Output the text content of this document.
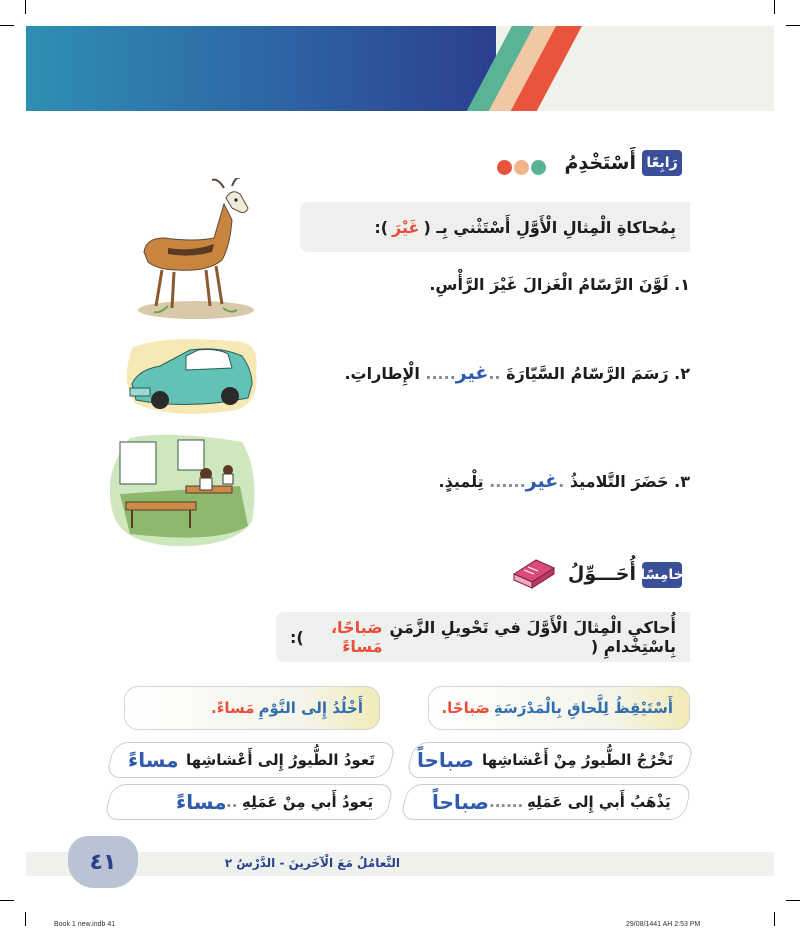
رَابِعًا
أَسْتَخْدِمُ
بِمُحاكاةِ الْمِثالِ الْأَوَّلِ أَسْتَثْني بِـ (
غَيْرَ
):
١. لَوَّنَ الرَّسّامُ الْغَزالَ غَيْرَ الرَّأْسِ.
٢. رَسَمَ الرَّسّامُ السَّيّارَةَ ..غير..... الْإِطاراتِ.
٣. حَضَرَ التَّلاميذُ .غير...... تِلْميذٍ.
خامِسًا
أُحَـــوِّلُ
أُحاكي الْمِثالَ الْأَوَّلَ في تَحْويلِ الزَّمَنِ بِاسْتِخْدامِ (
صَباحًا، مَساءً
):
أَسْتَيْقِظُ لِلَّحاقِ بِالْمَدْرَسَةِ
صَباحًا.
أَخْلُدُ إِلى النَّوْمِ
مَساءً.
تَخْرُجُ الطُّيورُ مِنْ أَعْشاشِها
صباحاً
تَعودُ الطُّيورُ إِلى أَعْشاشِها
مساءً
يَذْهَبُ أَبي إِلى عَمَلِهِ
......
صباحاً
يَعودُ أَبي مِنْ عَمَلِهِ
..
مساءً
٤١	التَّعامُلُ مَعَ الْآخَرينَ - الدَّرْسُ ٢
Book 1 new.indb 41	29/08/1441 AH 2:53 PM
